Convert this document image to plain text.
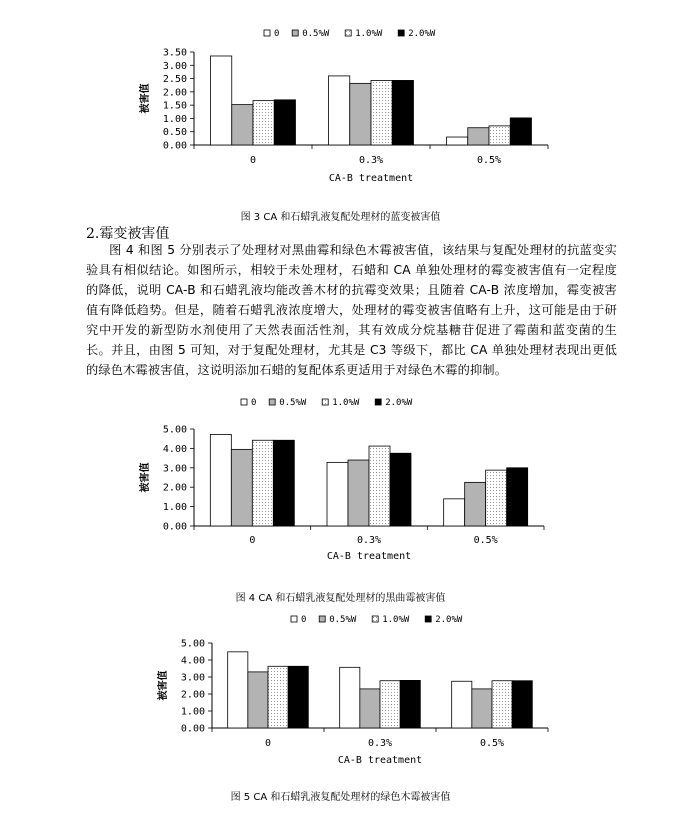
0	0.5%W	1.0%W	2.0%W
0.00
0.50
1.00
1.50
2.00
2.50
3.00
3.50
被害值
0	0.3%	0.5%
CA-B treatment
图 3 CA 和石蜡乳液复配处理材的蓝变被害值
2.霉变被害值
图 4 和图 5 分别表示了处理材对黑曲霉和绿色木霉被害值，该结果与复配处理材的抗蓝变实验具有相似结论。如图所示，相较于未处理材，石蜡和 CA 单独处理材的霉变被害值有一定程度的降低，说明 CA-B 和石蜡乳液均能改善木材的抗霉变效果；且随着 CA-B 浓度增加，霉变被害值有降低趋势。但是，随着石蜡乳液浓度增大，处理材的霉变被害值略有上升，这可能是由于研究中开发的新型防水剂使用了天然表面活性剂，其有效成分烷基糖苷促进了霉菌和蓝变菌的生长。并且，由图 5 可知，对于复配处理材，尤其是 C3 等级下，都比 CA 单独处理材表现出更低的绿色木霉被害值，这说明添加石蜡的复配体系更适用于对绿色木霉的抑制。
0	0.5%W	1.0%W	2.0%W
0.00
1.00
2.00
3.00
4.00
5.00
被害值
0	0.3%	0.5%
CA-B treatment
图 4 CA 和石蜡乳液复配处理材的黑曲霉被害值
0	0.5%W	1.0%W	2.0%W
0.00
1.00
2.00
3.00
4.00
5.00
被害值
0	0.3%	0.5%
CA-B treatment
图 5 CA 和石蜡乳液复配处理材的绿色木霉被害值
